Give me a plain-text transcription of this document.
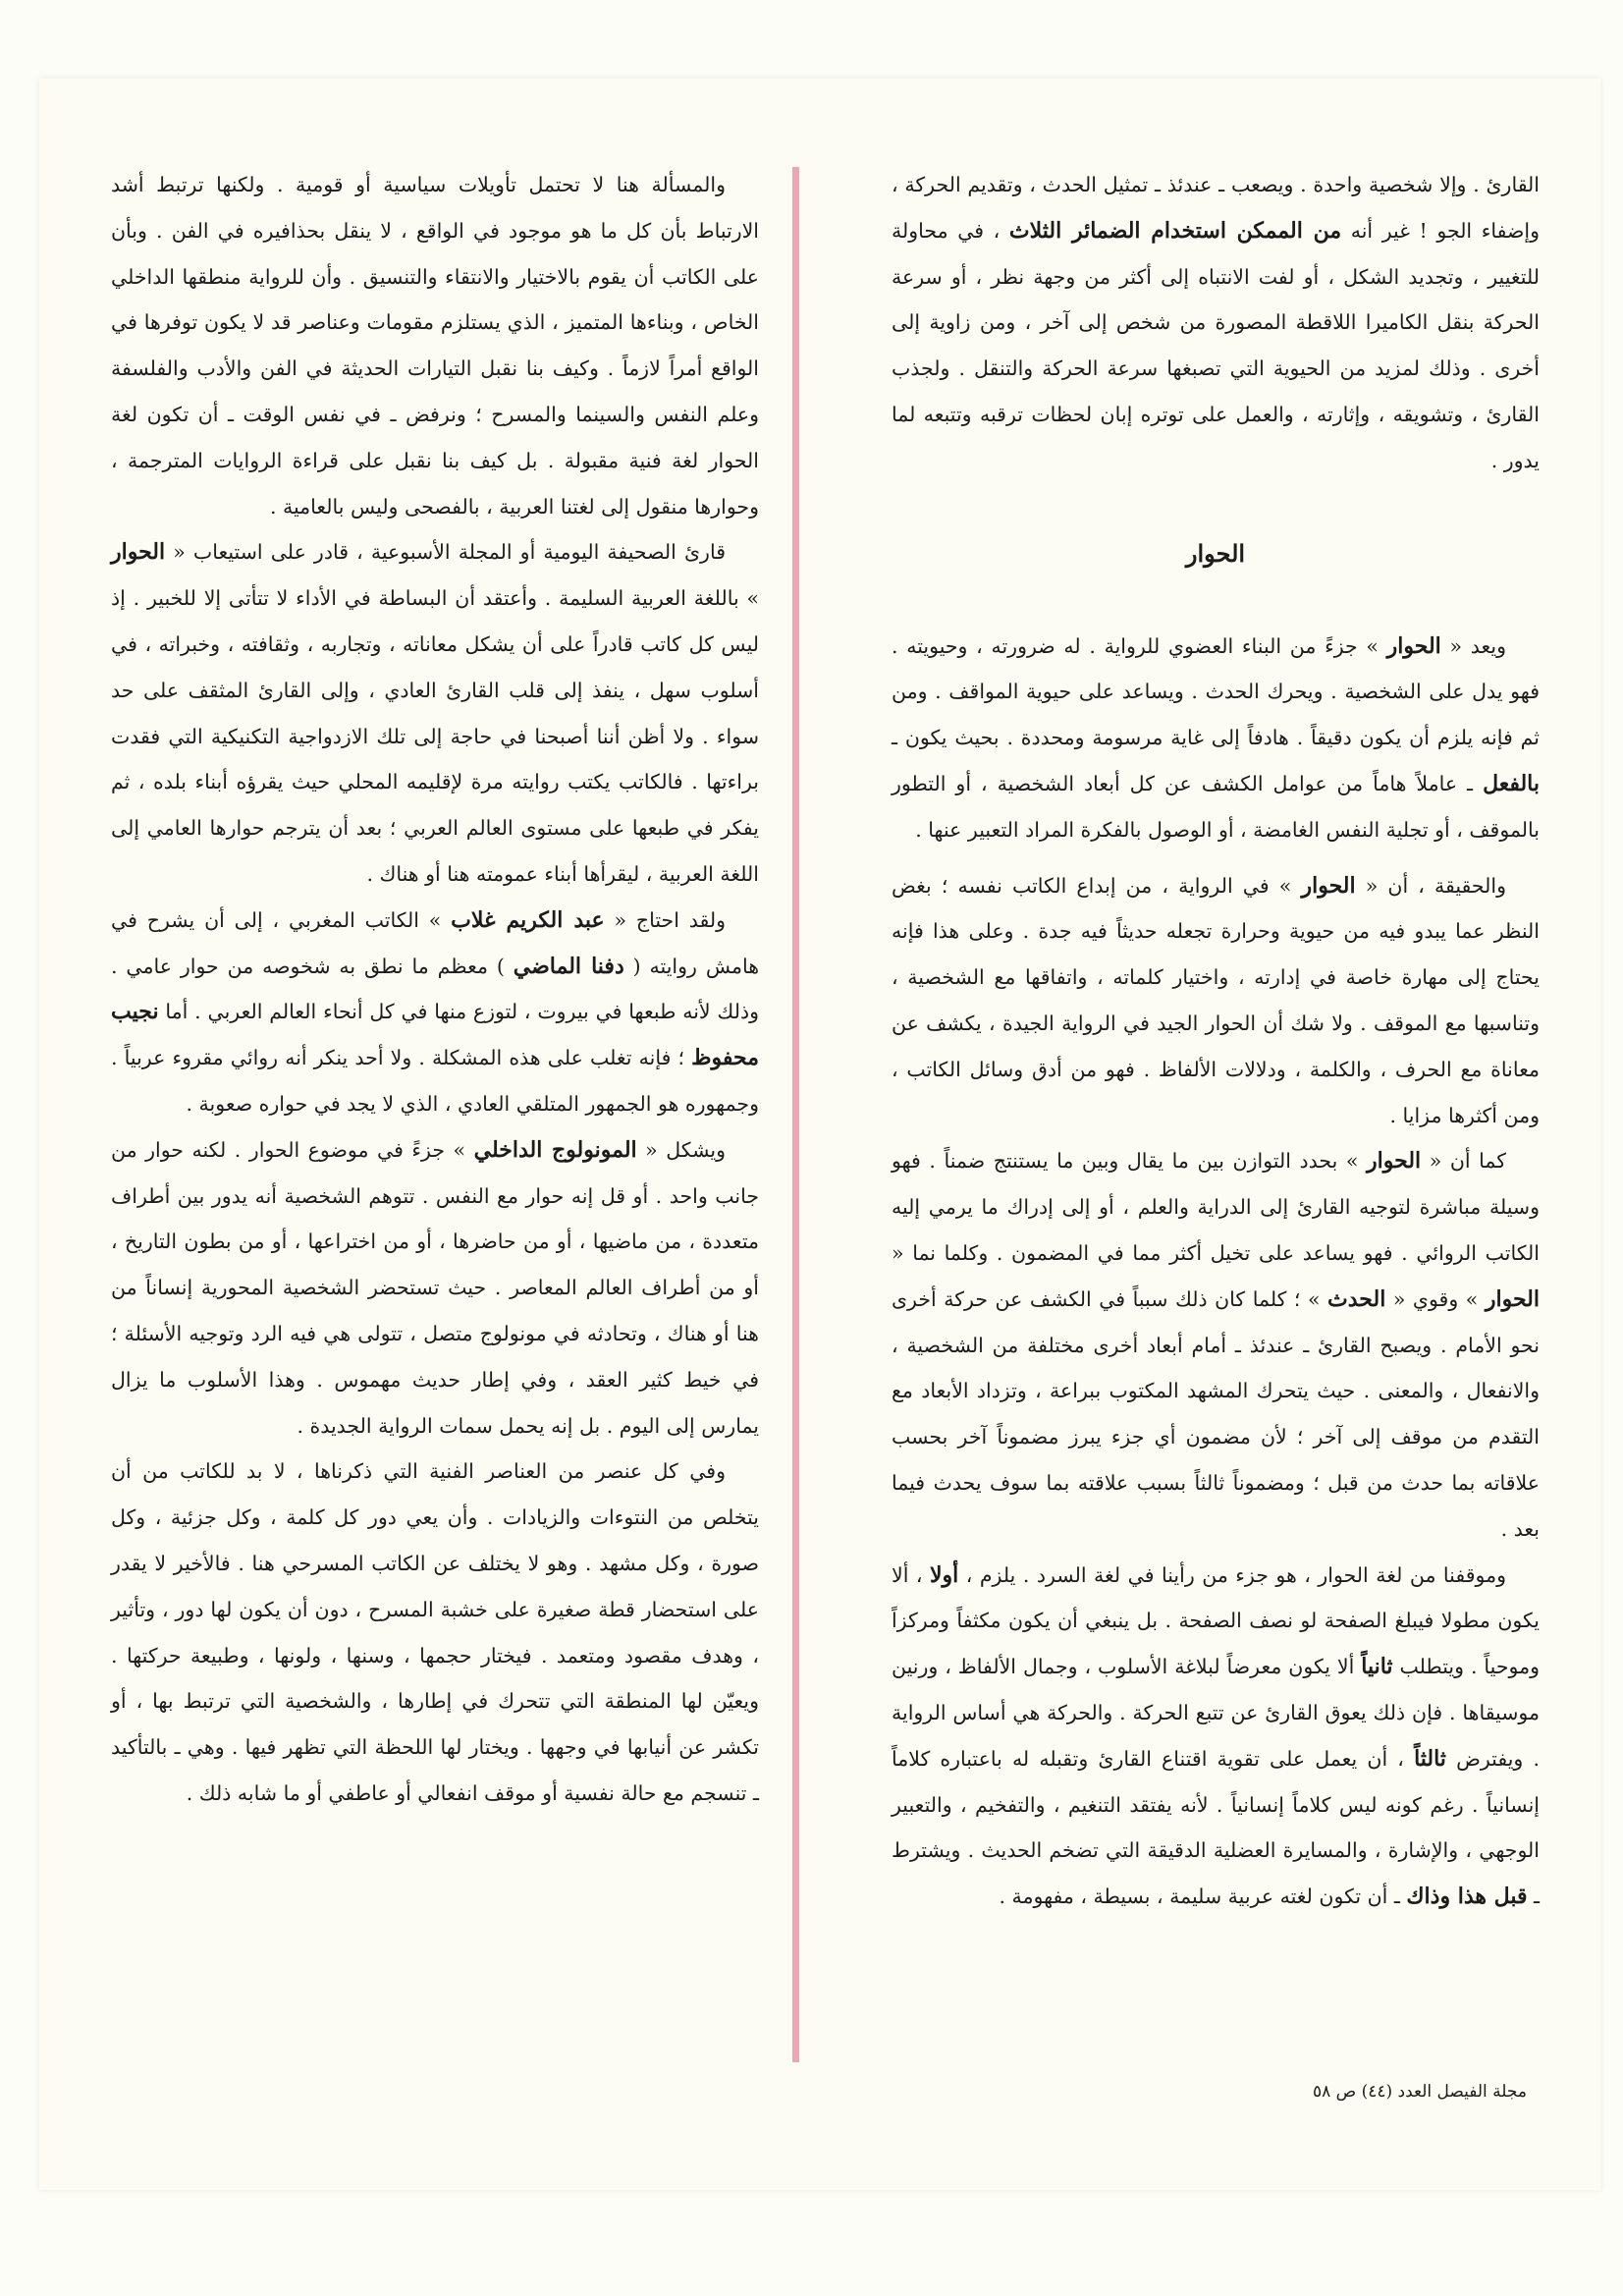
القارئ . وإلا شخصية واحدة . ويصعب ـ عندئذ ـ تمثيل الحدث ، وتقديم الحركة ، وإضفاء الجو ! غير أنه من الممكن استخدام الضمائر الثلاث ، في محاولة للتغيير ، وتجديد الشكل ، أو لفت الانتباه إلى أكثر من وجهة نظر ، أو سرعة الحركة بنقل الكاميرا اللاقطة المصورة من شخص إلى آخر ، ومن زاوية إلى أخرى . وذلك لمزيد من الحيوية التي تصبغها سرعة الحركة والتنقل . ولجذب القارئ ، وتشويقه ، وإثارته ، والعمل على توتره إبان لحظات ترقبه وتتبعه لما يدور .

الحوار

ويعد « الحوار » جزءً من البناء العضوي للرواية . له ضرورته ، وحيويته . فهو يدل على الشخصية . ويحرك الحدث . ويساعد على حيوية المواقف . ومن ثم فإنه يلزم أن يكون دقيقاً . هادفاً إلى غاية مرسومة ومحددة . بحيث يكون ـ بالفعل ـ عاملاً هاماً من عوامل الكشف عن كل أبعاد الشخصية ، أو التطور بالموقف ، أو تجلية النفس الغامضة ، أو الوصول بالفكرة المراد التعبير عنها .

والحقيقة ، أن « الحوار » في الرواية ، من إبداع الكاتب نفسه ؛ بغض النظر عما يبدو فيه من حيوية وحرارة تجعله حديثاً فيه جدة . وعلى هذا فإنه يحتاج إلى مهارة خاصة في إدارته ، واختيار كلماته ، واتفاقها مع الشخصية ، وتناسبها مع الموقف . ولا شك أن الحوار الجيد في الرواية الجيدة ، يكشف عن معاناة مع الحرف ، والكلمة ، ودلالات الألفاظ . فهو من أدق وسائل الكاتب ، ومن أكثرها مزايا .

كما أن « الحوار » بحدد التوازن بين ما يقال وبين ما يستنتج ضمناً . فهو وسيلة مباشرة لتوجيه القارئ إلى الدراية والعلم ، أو إلى إدراك ما يرمي إليه الكاتب الروائي . فهو يساعد على تخيل أكثر مما في المضمون . وكلما نما « الحوار » وقوي « الحدث » ؛ كلما كان ذلك سبباً في الكشف عن حركة أخرى نحو الأمام . ويصبح القارئ ـ عندئذ ـ أمام أبعاد أخرى مختلفة من الشخصية ، والانفعال ، والمعنى . حيث يتحرك المشهد المكتوب ببراعة ، وتزداد الأبعاد مع التقدم من موقف إلى آخر ؛ لأن مضمون أي جزء يبرز مضموناً آخر بحسب علاقاته بما حدث من قبل ؛ ومضموناً ثالثاً بسبب علاقته بما سوف يحدث فيما بعد .

وموقفنا من لغة الحوار ، هو جزء من رأينا في لغة السرد . يلزم ، أولا ، ألا يكون مطولا فيبلغ الصفحة لو نصف الصفحة . بل ينبغي أن يكون مكثفاً ومركزاً وموحياً . ويتطلب ثانياً ألا يكون معرضاً لبلاغة الأسلوب ، وجمال الألفاظ ، ورنين موسيقاها . فإن ذلك يعوق القارئ عن تتبع الحركة . والحركة هي أساس الرواية . ويفترض ثالثاً ، أن يعمل على تقوية اقتناع القارئ وتقبله له باعتباره كلاماً إنسانياً . رغم كونه ليس كلاماً إنسانياً . لأنه يفتقد التنغيم ، والتفخيم ، والتعبير الوجهي ، والإشارة ، والمسايرة العضلية الدقيقة التي تضخم الحديث . ويشترط ـ قبل هذا وذاك ـ أن تكون لغته عربية سليمة ، بسيطة ، مفهومة .

والمسألة هنا لا تحتمل تأويلات سياسية أو قومية . ولكنها ترتبط أشد الارتباط بأن كل ما هو موجود في الواقع ، لا ينقل بحذافيره في الفن . وبأن على الكاتب أن يقوم بالاختيار والانتقاء والتنسيق . وأن للرواية منطقها الداخلي الخاص ، وبناءها المتميز ، الذي يستلزم مقومات وعناصر قد لا يكون توفرها في الواقع أمراً لازماً . وكيف بنا نقبل التيارات الحديثة في الفن والأدب والفلسفة وعلم النفس والسينما والمسرح ؛ ونرفض ـ في نفس الوقت ـ أن تكون لغة الحوار لغة فنية مقبولة . بل كيف بنا نقبل على قراءة الروايات المترجمة ، وحوارها منقول إلى لغتنا العربية ، بالفصحى وليس بالعامية .

قارئ الصحيفة اليومية أو المجلة الأسبوعية ، قادر على استيعاب « الحوار » باللغة العربية السليمة . وأعتقد أن البساطة في الأداء لا تتأتى إلا للخبير . إذ ليس كل كاتب قادراً على أن يشكل معاناته ، وتجاربه ، وثقافته ، وخبراته ، في أسلوب سهل ، ينفذ إلى قلب القارئ العادي ، وإلى القارئ المثقف على حد سواء . ولا أظن أننا أصبحنا في حاجة إلى تلك الازدواجية التكنيكية التي فقدت براءتها . فالكاتب يكتب روايته مرة لإقليمه المحلي حيث يقرؤه أبناء بلده ، ثم يفكر في طبعها على مستوى العالم العربي ؛ بعد أن يترجم حوارها العامي إلى اللغة العربية ، ليقرأها أبناء عمومته هنا أو هناك .

ولقد احتاج « عبد الكريم غلاب » الكاتب المغربي ، إلى أن يشرح في هامش روايته ( دفنا الماضي ) معظم ما نطق به شخوصه من حوار عامي . وذلك لأنه طبعها في بيروت ، لتوزع منها في كل أنحاء العالم العربي . أما نجيب محفوظ ؛ فإنه تغلب على هذه المشكلة . ولا أحد ينكر أنه روائي مقروء عربياً . وجمهوره هو الجمهور المتلقي العادي ، الذي لا يجد في حواره صعوبة .

ويشكل « المونولوج الداخلي » جزءً في موضوع الحوار . لكنه حوار من جانب واحد . أو قل إنه حوار مع النفس . تتوهم الشخصية أنه يدور بين أطراف متعددة ، من ماضيها ، أو من حاضرها ، أو من اختراعها ، أو من بطون التاريخ ، أو من أطراف العالم المعاصر . حيث تستحضر الشخصية المحورية إنساناً من هنا أو هناك ، وتحادثه في مونولوج متصل ، تتولى هي فيه الرد وتوجيه الأسئلة ؛ في خيط كثير العقد ، وفي إطار حديث مهموس . وهذا الأسلوب ما يزال يمارس إلى اليوم . بل إنه يحمل سمات الرواية الجديدة .

وفي كل عنصر من العناصر الفنية التي ذكرناها ، لا بد للكاتب من أن يتخلص من النتوءات والزيادات . وأن يعي دور كل كلمة ، وكل جزئية ، وكل صورة ، وكل مشهد . وهو لا يختلف عن الكاتب المسرحي هنا . فالأخير لا يقدر على استحضار قطة صغيرة على خشبة المسرح ، دون أن يكون لها دور ، وتأثير ، وهدف مقصود ومتعمد . فيختار حجمها ، وسنها ، ولونها ، وطبيعة حركتها . ويعيّن لها المنطقة التي تتحرك في إطارها ، والشخصية التي ترتبط بها ، أو تكشر عن أنيابها في وجهها . ويختار لها اللحظة التي تظهر فيها . وهي ـ بالتأكيد ـ تنسجم مع حالة نفسية أو موقف انفعالي أو عاطفي أو ما شابه ذلك .

مجلة الفيصل العدد (٤٤) ص ٥٨
